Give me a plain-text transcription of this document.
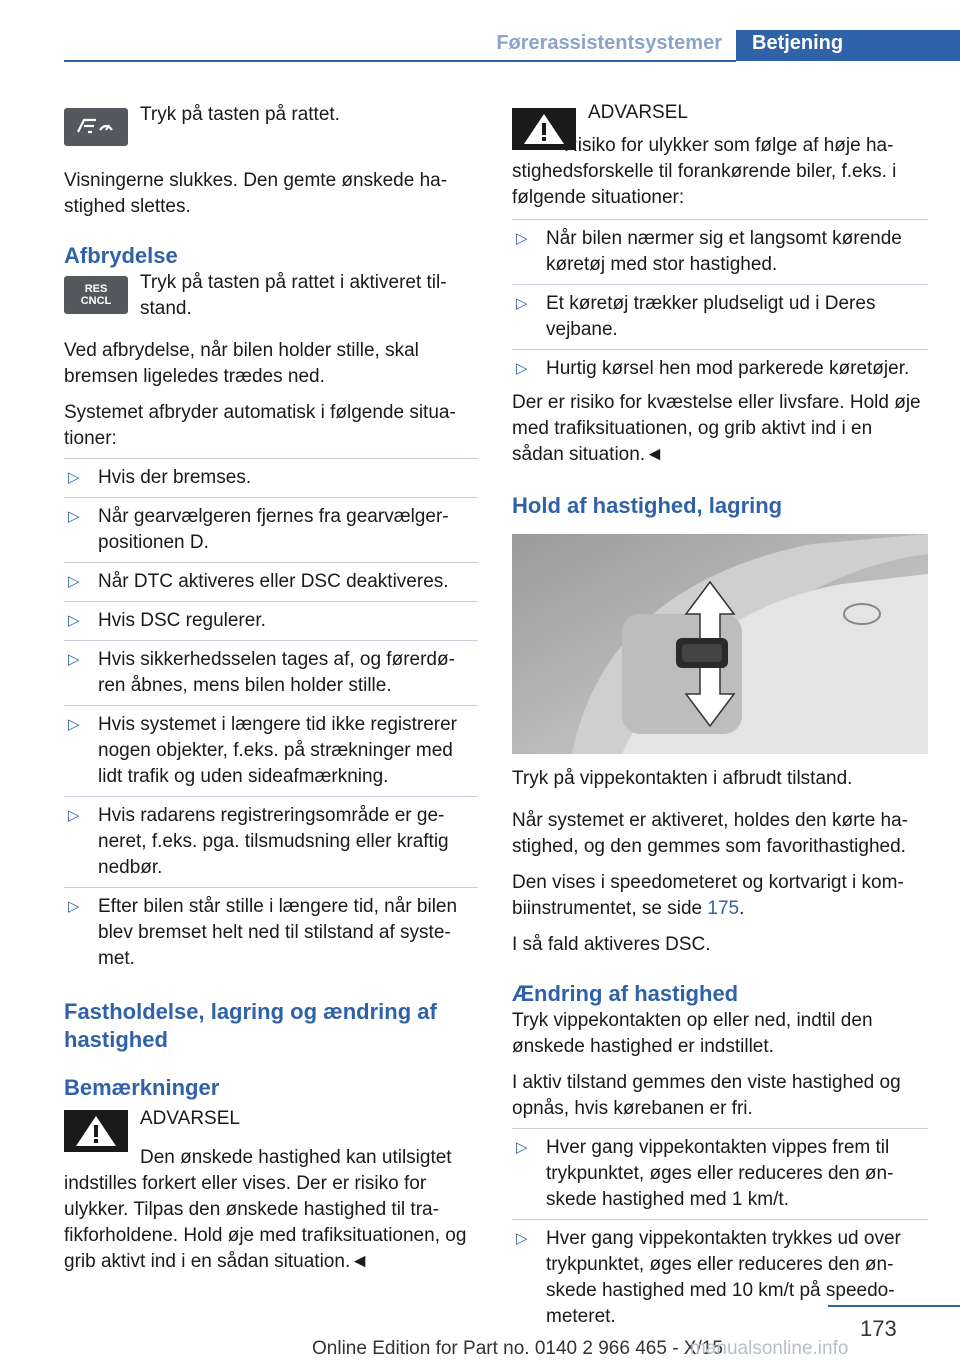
Førerassistentsystemer	Betjening

Tryk på tasten på rattet.

Visningerne slukkes. Den gemte ønskede ha-stighed slettes.

Afbrydelse
RES
CNCL

Tryk på tasten på rattet i aktiveret til-stand.

Ved afbrydelse, når bilen holder stille, skal bremsen ligeledes trædes ned.

Systemet afbryder automatisk i følgende situa-tioner:

▷ Hvis der bremses.
▷ Når gearvælgeren fjernes fra gearvælger-positionen D.
▷ Når DTC aktiveres eller DSC deaktiveres.
▷ Hvis DSC regulerer.
▷ Hvis sikkerhedsselen tages af, og førerdø-ren åbnes, mens bilen holder stille.
▷ Hvis systemet i længere tid ikke registrerer nogen objekter, f.eks. på strækninger med lidt trafik og uden sideafmærkning.
▷ Hvis radarens registreringsområde er ge-neret, f.eks. pga. tilsmudsning eller kraftig nedbør.
▷ Efter bilen står stille i længere tid, når bilen blev bremset helt ned til stilstand af syste-met.
Fastholdelse, lagring og ændring af hastighed
Bemærkninger

ADVARSEL

Den ønskede hastighed kan utilsigtet indstilles forkert eller vises. Der er risiko for ulykker. Tilpas den ønskede hastighed til tra-fikforholdene. Hold øje med trafiksituationen, og grib aktivt ind i en sådan situation.◄

ADVARSEL

Risiko for ulykker som følge af høje ha-stighedsforskelle til forankørende biler, f.eks. i følgende situationer:

▷ Når bilen nærmer sig et langsomt kørende køretøj med stor hastighed.
▷ Et køretøj trækker pludseligt ud i Deres vejbane.
▷ Hurtig kørsel hen mod parkerede køretøjer.

Der er risiko for kvæstelse eller livsfare. Hold øje med trafiksituationen, og grib aktivt ind i en sådan situation.◄

Hold af hastighed, lagring

Tryk på vippekontakten i afbrudt tilstand.

Når systemet er aktiveret, holdes den kørte ha-stighed, og den gemmes som favorithastighed.

Den vises i speedometeret og kortvarigt i kom-biinstrumentet, se side 175.

I så fald aktiveres DSC.

Ændring af hastighed

Tryk vippekontakten op eller ned, indtil den ønskede hastighed er indstillet.

I aktiv tilstand gemmes den viste hastighed og opnås, hvis kørebanen er fri.

▷ Hver gang vippekontakten vippes frem til trykpunktet, øges eller reduceres den øn-skede hastighed med 1 km/t.
▷ Hver gang vippekontakten trykkes ud over trykpunktet, øges eller reduceres den øn-skede hastighed med 10 km/t på speedo-meteret.	173
Online Edition for Part no. 0140 2 966 465 - X/15
manualsonline.info
